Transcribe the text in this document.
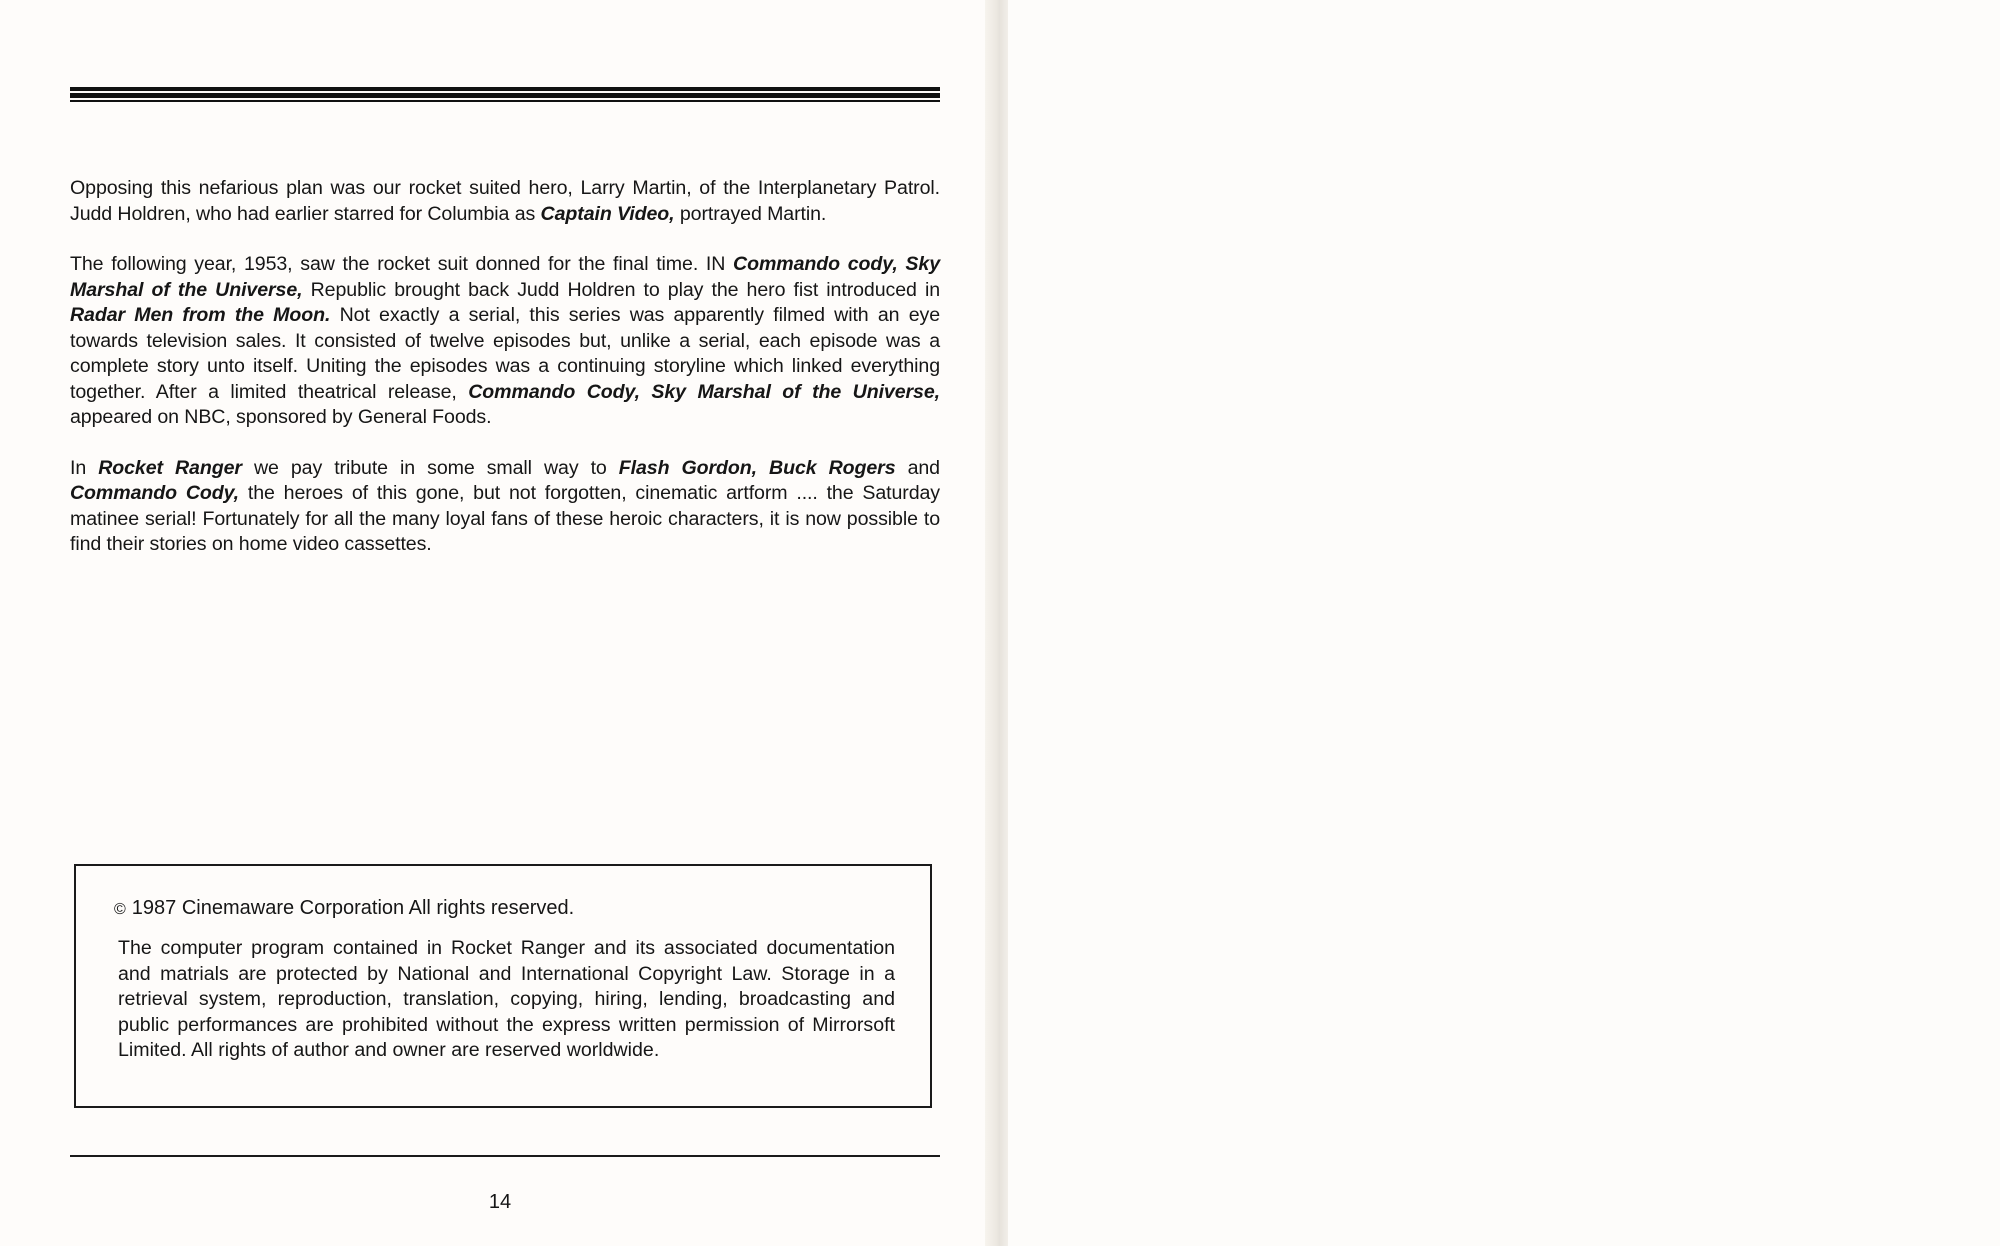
Opposing this nefarious plan was our rocket suited hero, Larry Martin, of the Interplanetary Patrol. Judd Holdren, who had earlier starred for Columbia as Captain Video, portrayed Martin.

The following year, 1953, saw the rocket suit donned for the final time. IN Commando cody, Sky Marshal of the Universe, Republic brought back Judd Holdren to play the hero fist introduced in Radar Men from the Moon. Not exactly a serial, this series was apparently filmed with an eye towards television sales. It consisted of twelve episodes but, unlike a serial, each episode was a complete story unto itself. Uniting the episodes was a continuing storyline which linked everything together. After a limited theatrical release, Commando Cody, Sky Marshal of the Universe, appeared on NBC, sponsored by General Foods.

In Rocket Ranger we pay tribute in some small way to Flash Gordon, Buck Rogers and Commando Cody, the heroes of this gone, but not forgotten, cinematic artform .... the Saturday matinee serial! Fortunately for all the many loyal fans of these heroic characters, it is now possible to find their stories on home video cassettes.

© 1987 Cinemaware Corporation All rights reserved.
The computer program contained in Rocket Ranger and its associated documentation and matrials are protected by National and International Copyright Law. Storage in a retrieval system, reproduction, translation, copying, hiring, lending, broadcasting and public performances are prohibited without the express written permission of Mirrorsoft Limited. All rights of author and owner are reserved worldwide.
14
